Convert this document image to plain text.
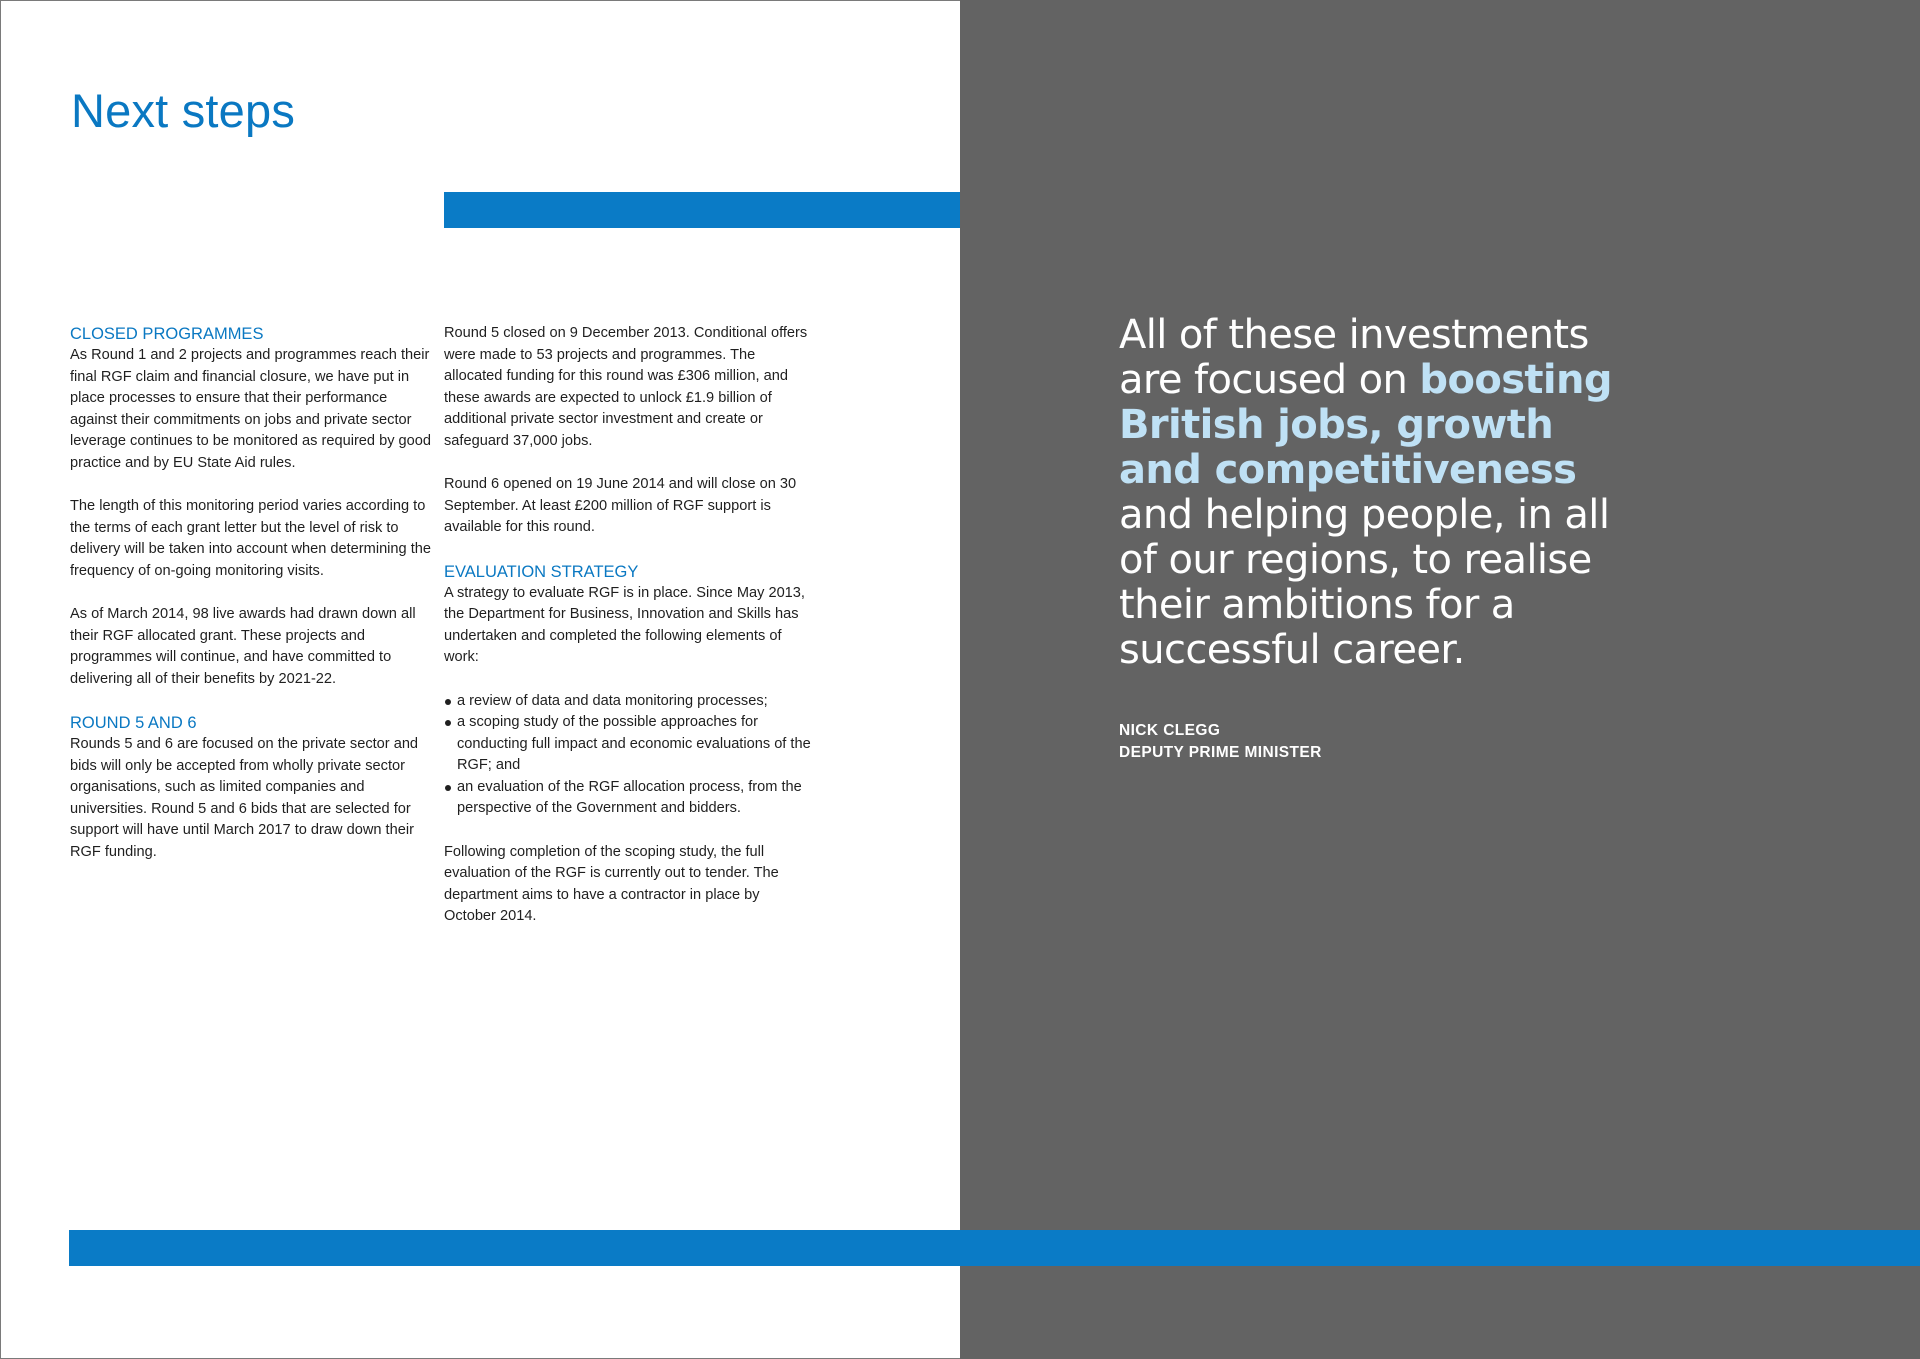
Next steps
CLOSED PROGRAMMES

As Round 1 and 2 projects and programmes reach their final RGF claim and financial closure, we have put in place processes to ensure that their performance against their commitments on jobs and private sector leverage continues to be monitored as required by good practice and by EU State Aid rules.

The length of this monitoring period varies according to the terms of each grant letter but the level of risk to delivery will be taken into account when determining the frequency of on-going monitoring visits.

As of March 2014, 98 live awards had drawn down all their RGF allocated grant. These projects and programmes will continue, and have committed to delivering all of their benefits by 2021-22.

ROUND 5 AND 6

Rounds 5 and 6 are focused on the private sector and bids will only be accepted from wholly private sector organisations, such as limited companies and universities. Round 5 and 6 bids that are selected for support will have until March 2017 to draw down their RGF funding.

Round 5 closed on 9 December 2013. Conditional offers were made to 53 projects and programmes. The allocated funding for this round was £306 million, and these awards are expected to unlock £1.9 billion of additional private sector investment and create or safeguard 37,000 jobs.

Round 6 opened on 19 June 2014 and will close on 30 September. At least £200 million of RGF support is available for this round.

EVALUATION STRATEGY

A strategy to evaluate RGF is in place. Since May 2013, the Department for Business, Innovation and Skills has undertaken and completed the following elements of work:

a review of data and data monitoring processes;
a scoping study of the possible approaches for conducting full impact and economic evaluations of the RGF; and
an evaluation of the RGF allocation process, from the perspective of the Government and bidders.

Following completion of the scoping study, the full evaluation of the RGF is currently out to tender. The department aims to have a contractor in place by October 2014.

All of these investments are focused on boosting British jobs, growth and competitiveness and helping people, in all of our regions, to realise their ambitions for a successful career.

NICK CLEGG
DEPUTY PRIME MINISTER
